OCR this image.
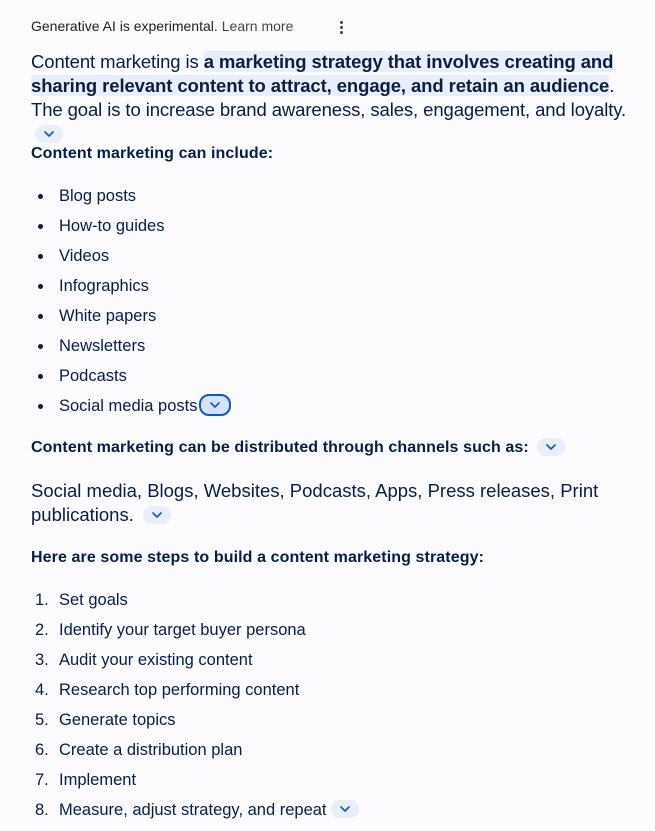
Generative AI is experimental. Learn more
Content marketing is a marketing strategy that involves creating and sharing relevant content to attract, engage, and retain an audience. The goal is to increase brand awareness, sales, engagement, and loyalty.
Content marketing can include:
Blog posts
How-to guides
Videos
Infographics
White papers
Newsletters
Podcasts
Social media posts
Content marketing can be distributed through channels such as:
Social media, Blogs, Websites, Podcasts, Apps, Press releases, Print publications.
Here are some steps to build a content marketing strategy:
1. Set goals
2. Identify your target buyer persona
3. Audit your existing content
4. Research top performing content
5. Generate topics
6. Create a distribution plan
7. Implement
8. Measure, adjust strategy, and repeat
